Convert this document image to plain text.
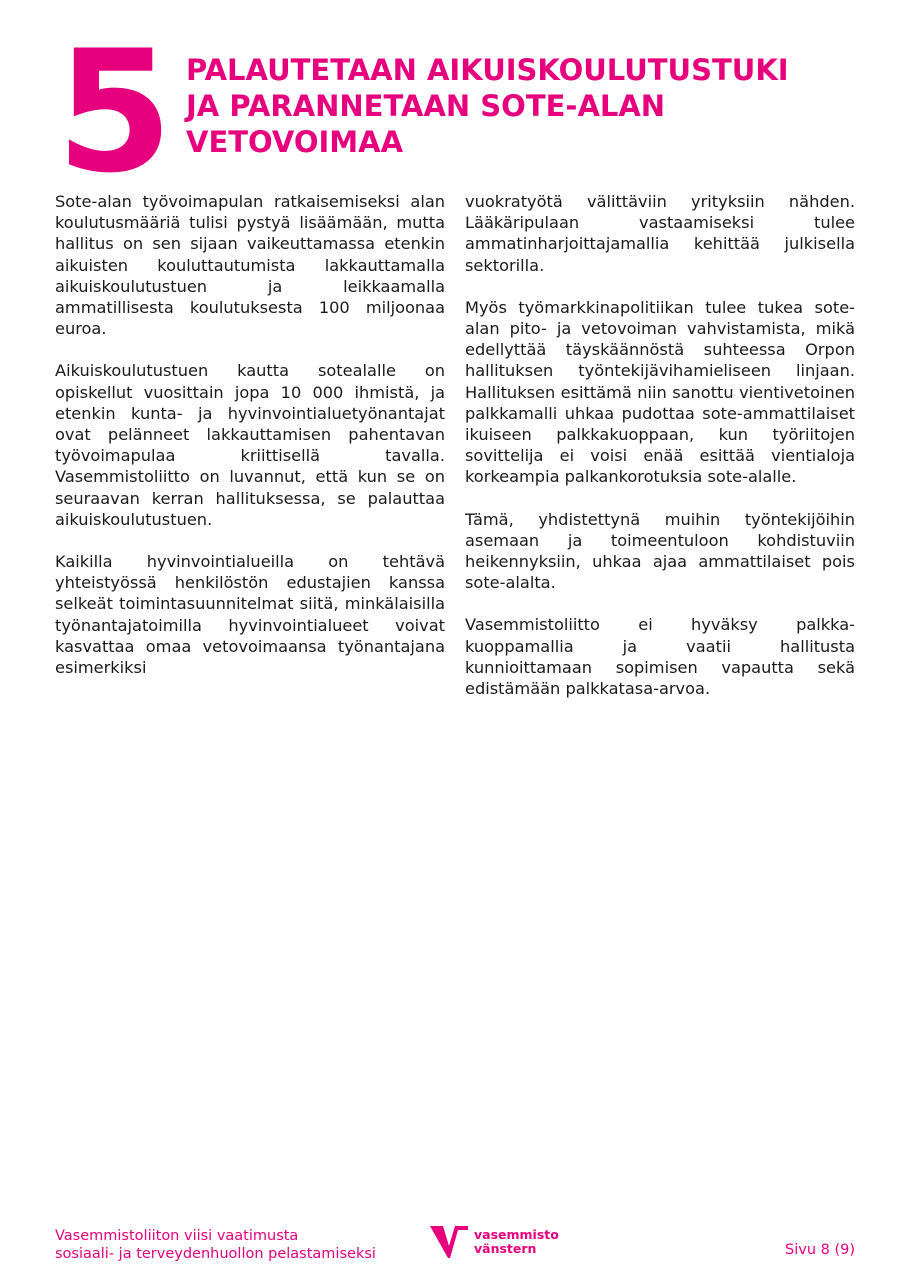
5 PALAUTETAAN AIKUISKOULUTUSTUKI
JA PARANNETAAN SOTE-ALAN
VETOVOIMAA

Sote-alan työvoimapulan ratkaisemiseksi alan koulutusmääriä tulisi pystyä lisäämään, mutta hallitus on sen sijaan vaikeuttamassa etenkin aikuisten kouluttautumista lakkauttamalla aikuiskoulutustuen ja leikkaamalla ammatillisesta koulutuksesta 100 miljoonaa euroa.

Aikuiskoulutustuen kautta sotealalle on opiskellut vuosittain jopa 10 000 ihmistä, ja etenkin kunta- ja hyvinvointialuetyönantajat ovat pelänneet lakkauttamisen pahentavan työvoimapulaa kriittisellä tavalla. Vasemmistoliitto on luvannut, että kun se on seuraavan kerran hallituksessa, se palauttaa aikuiskoulutustuen.

Kaikilla hyvinvointialueilla on tehtävä yhteistyössä henkilöstön edustajien kanssa selkeät toimintasuunnitelmat siitä, minkälaisilla työnantajatoimilla hyvinvointialueet voivat kasvattaa omaa vetovoimaansa työnantajana esimerkiksi

vuokratyötä välittäviin yrityksiin nähden. Lääkäripulaan vastaamiseksi tulee ammatinharjoittajamallia kehittää julkisella sektorilla.

Myös työmarkkinapolitiikan tulee tukea sote-alan pito- ja vetovoiman vahvistamista, mikä edellyttää täyskäännöstä suhteessa Orpon hallituksen työntekijävihamieliseen linjaan. Hallituksen esittämä niin sanottu vientivetoinen palkkamalli uhkaa pudottaa sote-ammattilaiset ikuiseen palkkakuoppaan, kun työriitojen sovittelija ei voisi enää esittää vientialoja korkeampia palkankorotuksia sote-alalle.

Tämä, yhdistettynä muihin työntekijöihin asemaan ja toimeentuloon kohdistuviin heikennyksiin, uhkaa ajaa ammattilaiset pois sote-alalta.

Vasemmistoliitto ei hyväksy palkkakuoppamallia ja vaatii hallitusta kunnioittamaan sopimisen vapautta sekä edistämään palkkatasa-arvoa.

Vasemmistoliiton viisi vaatimusta
sosiaali- ja terveydenhuollon pelastamiseksi
vasemmisto
vänstern	Sivu 8 (9)
